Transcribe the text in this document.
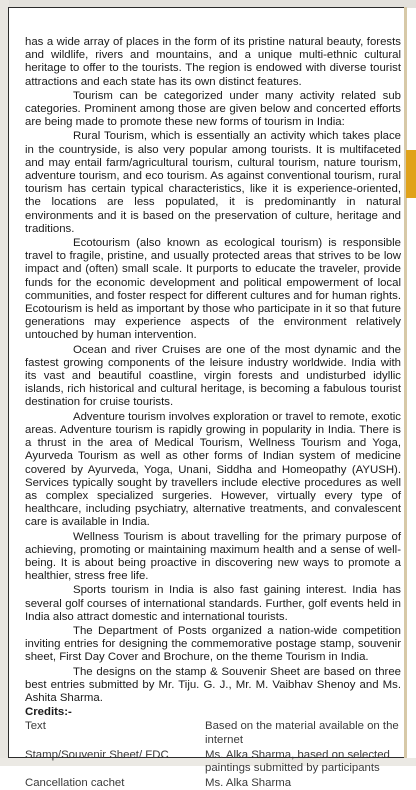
has a wide array of places in the form of its pristine natural beauty, forests and wildlife, rivers and mountains, and a unique multi-ethnic cultural heritage to offer to the tourists. The region is endowed with diverse tourist attractions and each state has its own distinct features.

Tourism can be categorized under many activity related sub categories. Prominent among those are given below and concerted efforts are being made to promote these new forms of tourism in India:

Rural Tourism, which is essentially an activity which takes place in the countryside, is also very popular among tourists. It is multifaceted and may entail farm/agricultural tourism, cultural tourism, nature tourism, adventure tourism, and eco tourism. As against conventional tourism, rural tourism has certain typical characteristics, like it is experience-oriented, the locations are less populated, it is predominantly in natural environments and it is based on the preservation of culture, heritage and traditions.

Ecotourism (also known as ecological tourism) is responsible travel to fragile, pristine, and usually protected areas that strives to be low impact and (often) small scale. It purports to educate the traveler, provide funds for the economic development and political empowerment of local communities, and foster respect for different cultures and for human rights. Ecotourism is held as important by those who participate in it so that future generations may experience aspects of the environment relatively untouched by human intervention.

Ocean and river Cruises are one of the most dynamic and the fastest growing components of the leisure industry worldwide. India with its vast and beautiful coastline, virgin forests and undisturbed idyllic islands, rich historical and cultural heritage, is becoming a fabulous tourist destination for cruise tourists.

Adventure tourism involves exploration or travel to remote, exotic areas. Adventure tourism is rapidly growing in popularity in India. There is a thrust in the area of Medical Tourism, Wellness Tourism and Yoga, Ayurveda Tourism as well as other forms of Indian system of medicine covered by Ayurveda, Yoga, Unani, Siddha and Homeopathy (AYUSH). Services typically sought by travellers include elective procedures as well as complex specialized surgeries. However, virtually every type of healthcare, including psychiatry, alternative treatments, and convalescent care is available in India.

Wellness Tourism is about travelling for the primary purpose of achieving, promoting or maintaining maximum health and a sense of well-being. It is about being proactive in discovering new ways to promote a healthier, stress free life.

Sports tourism in India is also fast gaining interest. India has several golf courses of international standards. Further, golf events held in India also attract domestic and international tourists.

The Department of Posts organized a nation-wide competition inviting entries for designing the commemorative postage stamp, souvenir sheet, First Day Cover and Brochure, on the theme Tourism in India.

The designs on the stamp & Souvenir Sheet are based on three best entries submitted by Mr. Tiju. G. J., Mr. M. Vaibhav Shenoy and Ms. Ashita Sharma.

Credits:-
Text	Based on the material available on the internet
Stamp/Souvenir Sheet/ FDC	Ms. Alka Sharma, based on selected paintings submitted by participants
Cancellation cachet	Ms. Alka Sharma
